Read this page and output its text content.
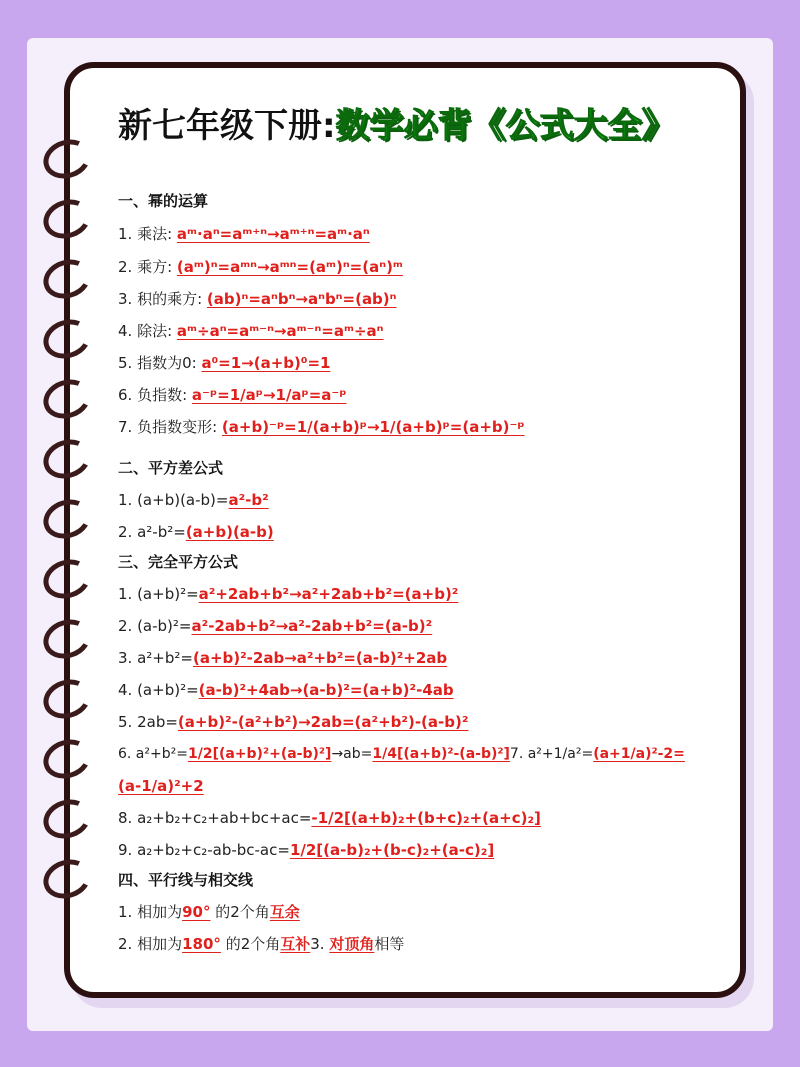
新七年级下册:数学必背《公式大全》
一、幂的运算
1. 乘法: aᵐ·aⁿ=aᵐ⁺ⁿ→aᵐ⁺ⁿ=aᵐ·aⁿ
2. 乘方: (aᵐ)ⁿ=aᵐⁿ→aᵐⁿ=(aᵐ)ⁿ=(aⁿ)ᵐ
3. 积的乘方: (ab)ⁿ=aⁿbⁿ→aⁿbⁿ=(ab)ⁿ
4. 除法: aᵐ÷aⁿ=aᵐ⁻ⁿ→aᵐ⁻ⁿ=aᵐ÷aⁿ
5. 指数为0: a⁰=1→(a+b)⁰=1
6. 负指数: a⁻ᵖ=1/aᵖ→1/aᵖ=a⁻ᵖ
7. 负指数变形: (a+b)⁻ᵖ=1/(a+b)ᵖ→1/(a+b)ᵖ=(a+b)⁻ᵖ
二、平方差公式
1. (a+b)(a-b)=a²-b²
2. a²-b²=(a+b)(a-b)
三、完全平方公式
1. (a+b)²=a²+2ab+b²→a²+2ab+b²=(a+b)²
2. (a-b)²=a²-2ab+b²→a²-2ab+b²=(a-b)²
3. a²+b²=(a+b)²-2ab→a²+b²=(a-b)²+2ab
4. (a+b)²=(a-b)²+4ab→(a-b)²=(a+b)²-4ab
5. 2ab=(a+b)²-(a²+b²)→2ab=(a²+b²)-(a-b)²
6. a²+b²=1/2[(a+b)²+(a-b)²]→ab=1/4[(a+b)²-(a-b)²]7. a²+1/a²=(a+1/a)²-2=
(a-1/a)²+2
8. a₂+b₂+c₂+ab+bc+ac=-1/2[(a+b)₂+(b+c)₂+(a+c)₂]
9. a₂+b₂+c₂-ab-bc-ac=1/2[(a-b)₂+(b-c)₂+(a-c)₂]
四、平行线与相交线
1. 相加为90° 的2个角互余
2. 相加为180° 的2个角互补3. 对顶角相等
